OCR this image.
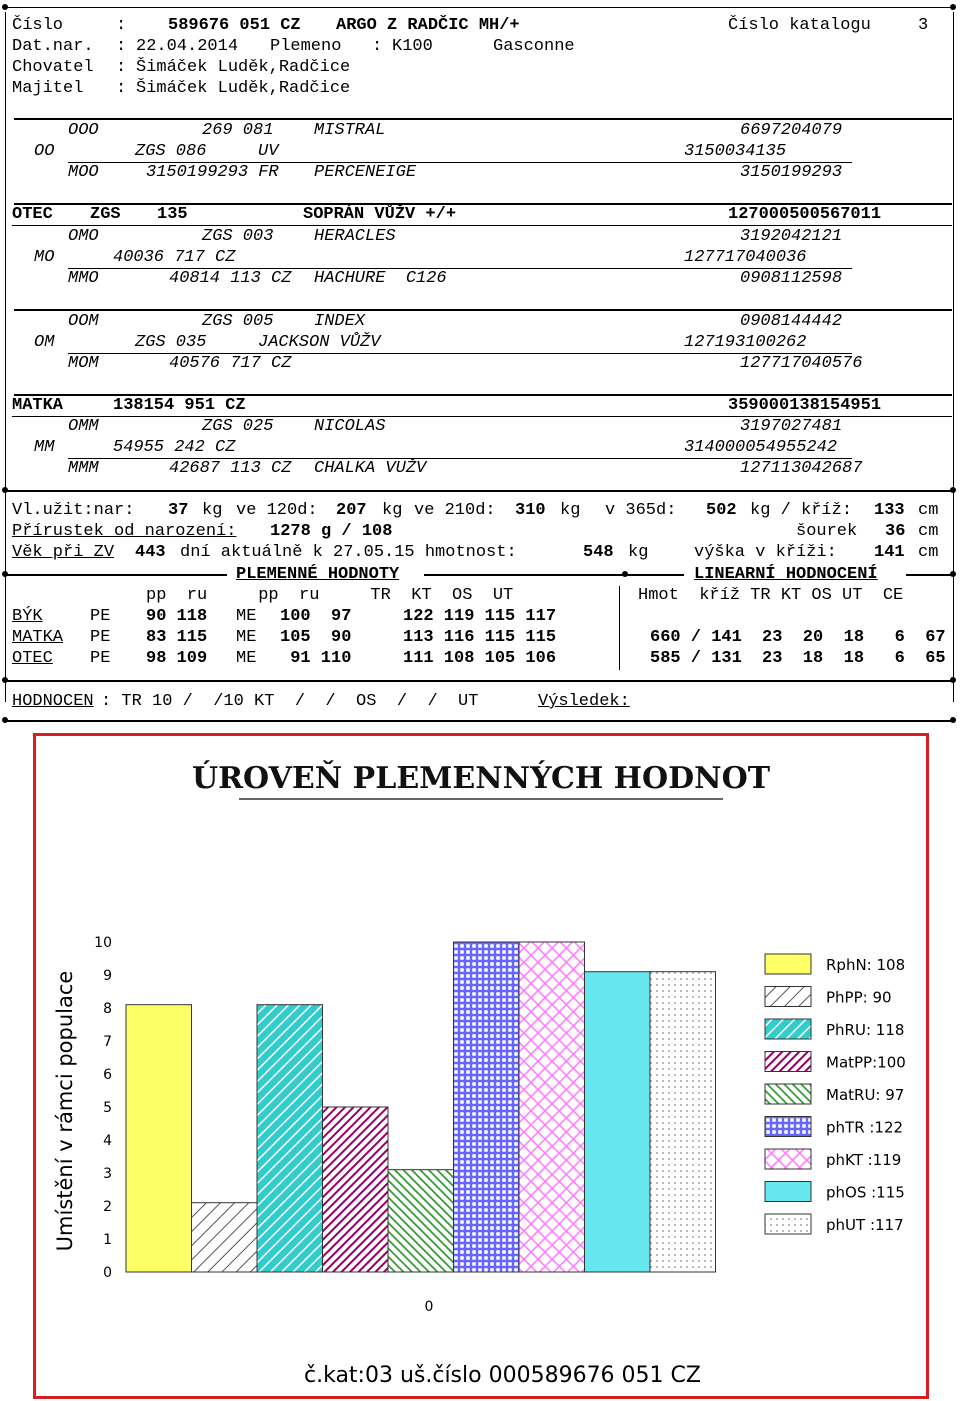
Číslo	: 589676 051 CZ ARGO Z RADČIC MH/+	Číslo katalogu	3
Dat.nar. : 22.04.2014 Plemeno : K100	Gasconne
Chovatel : Šimáček Luděk,Radčice
Majitel : Šimáček Luděk,Radčice
OOO	269 081 MISTRAL	6697204079
OO	ZGS 086	UV	3150034135
MOO	3150199293 FR PERCENEIGE	3150199293
OTEC ZGS 135	SOPRÁN VŮŽV +/+	127000500567011
OMO	ZGS 003 HERACLES	3192042121
MO	40036 717 CZ	127717040036
MMO	40814 113 CZ HACHURE  C126	0908112598
OOM	ZGS 005 INDEX	0908144442
OM	ZGS 035	JACKSON VŮŽV	127193100262
MOM	40576 717 CZ	127717040576
MATKA	138154 951 CZ	359000138154951
OMM	ZGS 025 NICOLAS	3197027481
MM	54955 242 CZ	314000054955242
MMM	42687 113 CZ CHALKA VUŽV	127113042687
Vl.užit:nar: 37 kg ve 120d: 207 kg ve 210d: 310 kg v 365d: 502 kg / kříž: 133 cm
Přírustek od narození: 1278 g / 108	šourek 36 cm
Věk při ZV 443 dní aktuálně k 27.05.15 hmotnost:	548 kg	výška v kříži: 141 cm
PLEMENNÉ HODNOTY	LINEARNÍ HODNOCENÍ
pp  ru     pp  ru     TR  KT  OS  UT	Hmot  kříž TR KT OS UT  CE
BÝK	PE 90 118 ME 100  97	122 119 115 117
MATKA PE 83 115 ME 105  90	113 116 115 115	660 / 141 23  20  18   6  67
OTEC PE 98 109 ME 91 110	111 108 105 106	585 / 131 23  18  18   6  65
HODNOCEN : TR 10 /  /10 KT  /  /  OS  /  /  UT	Výsledek:
ÚROVEŇ PLEMENNÝCH HODNOT
0
1
2
3
4
5
6
7
8
9
10
Umístění v rámci populace
0
RphN: 108
PhPP: 90
PhRU: 118
MatPP:100
MatRU: 97
phTR :122
phKT :119
phOS :115
phUT :117
č.kat:03 uš.číslo 000589676 051 CZ
